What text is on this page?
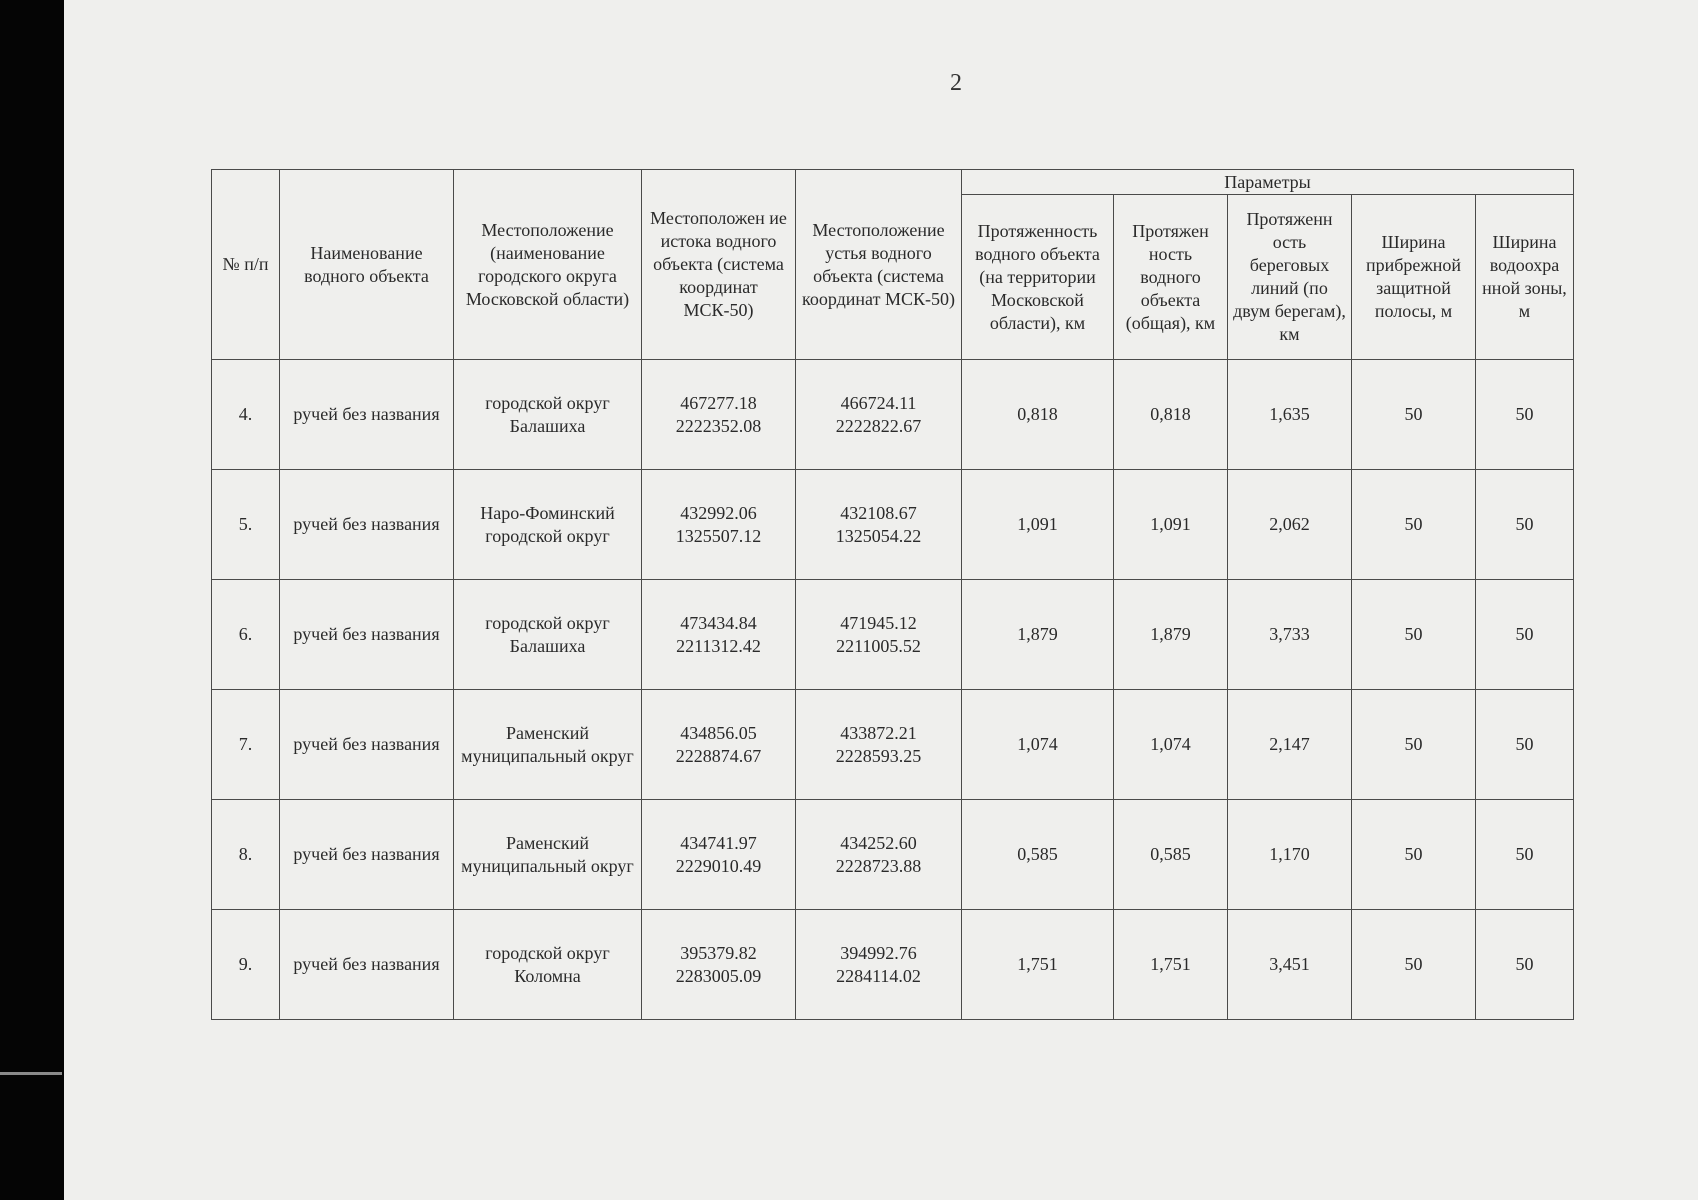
2
№ п/п	Наименование водного объекта	Местоположение (наименование городского округа Московской области)	Местоположен ие истока водного объекта (система координат МСК-50)	Местоположение устья водного объекта (система координат МСК-50)	Параметры				
					Протяженность водного объекта (на территории Московской области), км	Протяжен ность водного объекта (общая), км	Протяженн ость береговых линий (по двум берегам), км	Ширина прибрежной защитной полосы, м	Ширина водоохра нной зоны, м
4.	ручей без названия	городской округ Балашиха	467277.18 2222352.08	466724.11 2222822.67	0,818	0,818	1,635	50	50
5.	ручей без названия	Наро-Фоминский городской округ	432992.06 1325507.12	432108.67 1325054.22	1,091	1,091	2,062	50	50
6.	ручей без названия	городской округ Балашиха	473434.84 2211312.42	471945.12 2211005.52	1,879	1,879	3,733	50	50
7.	ручей без названия	Раменский муниципальный округ	434856.05 2228874.67	433872.21 2228593.25	1,074	1,074	2,147	50	50
8.	ручей без названия	Раменский муниципальный округ	434741.97 2229010.49	434252.60 2228723.88	0,585	0,585	1,170	50	50
9.	ручей без названия	городской округ Коломна	395379.82 2283005.09	394992.76 2284114.02	1,751	1,751	3,451	50	50
